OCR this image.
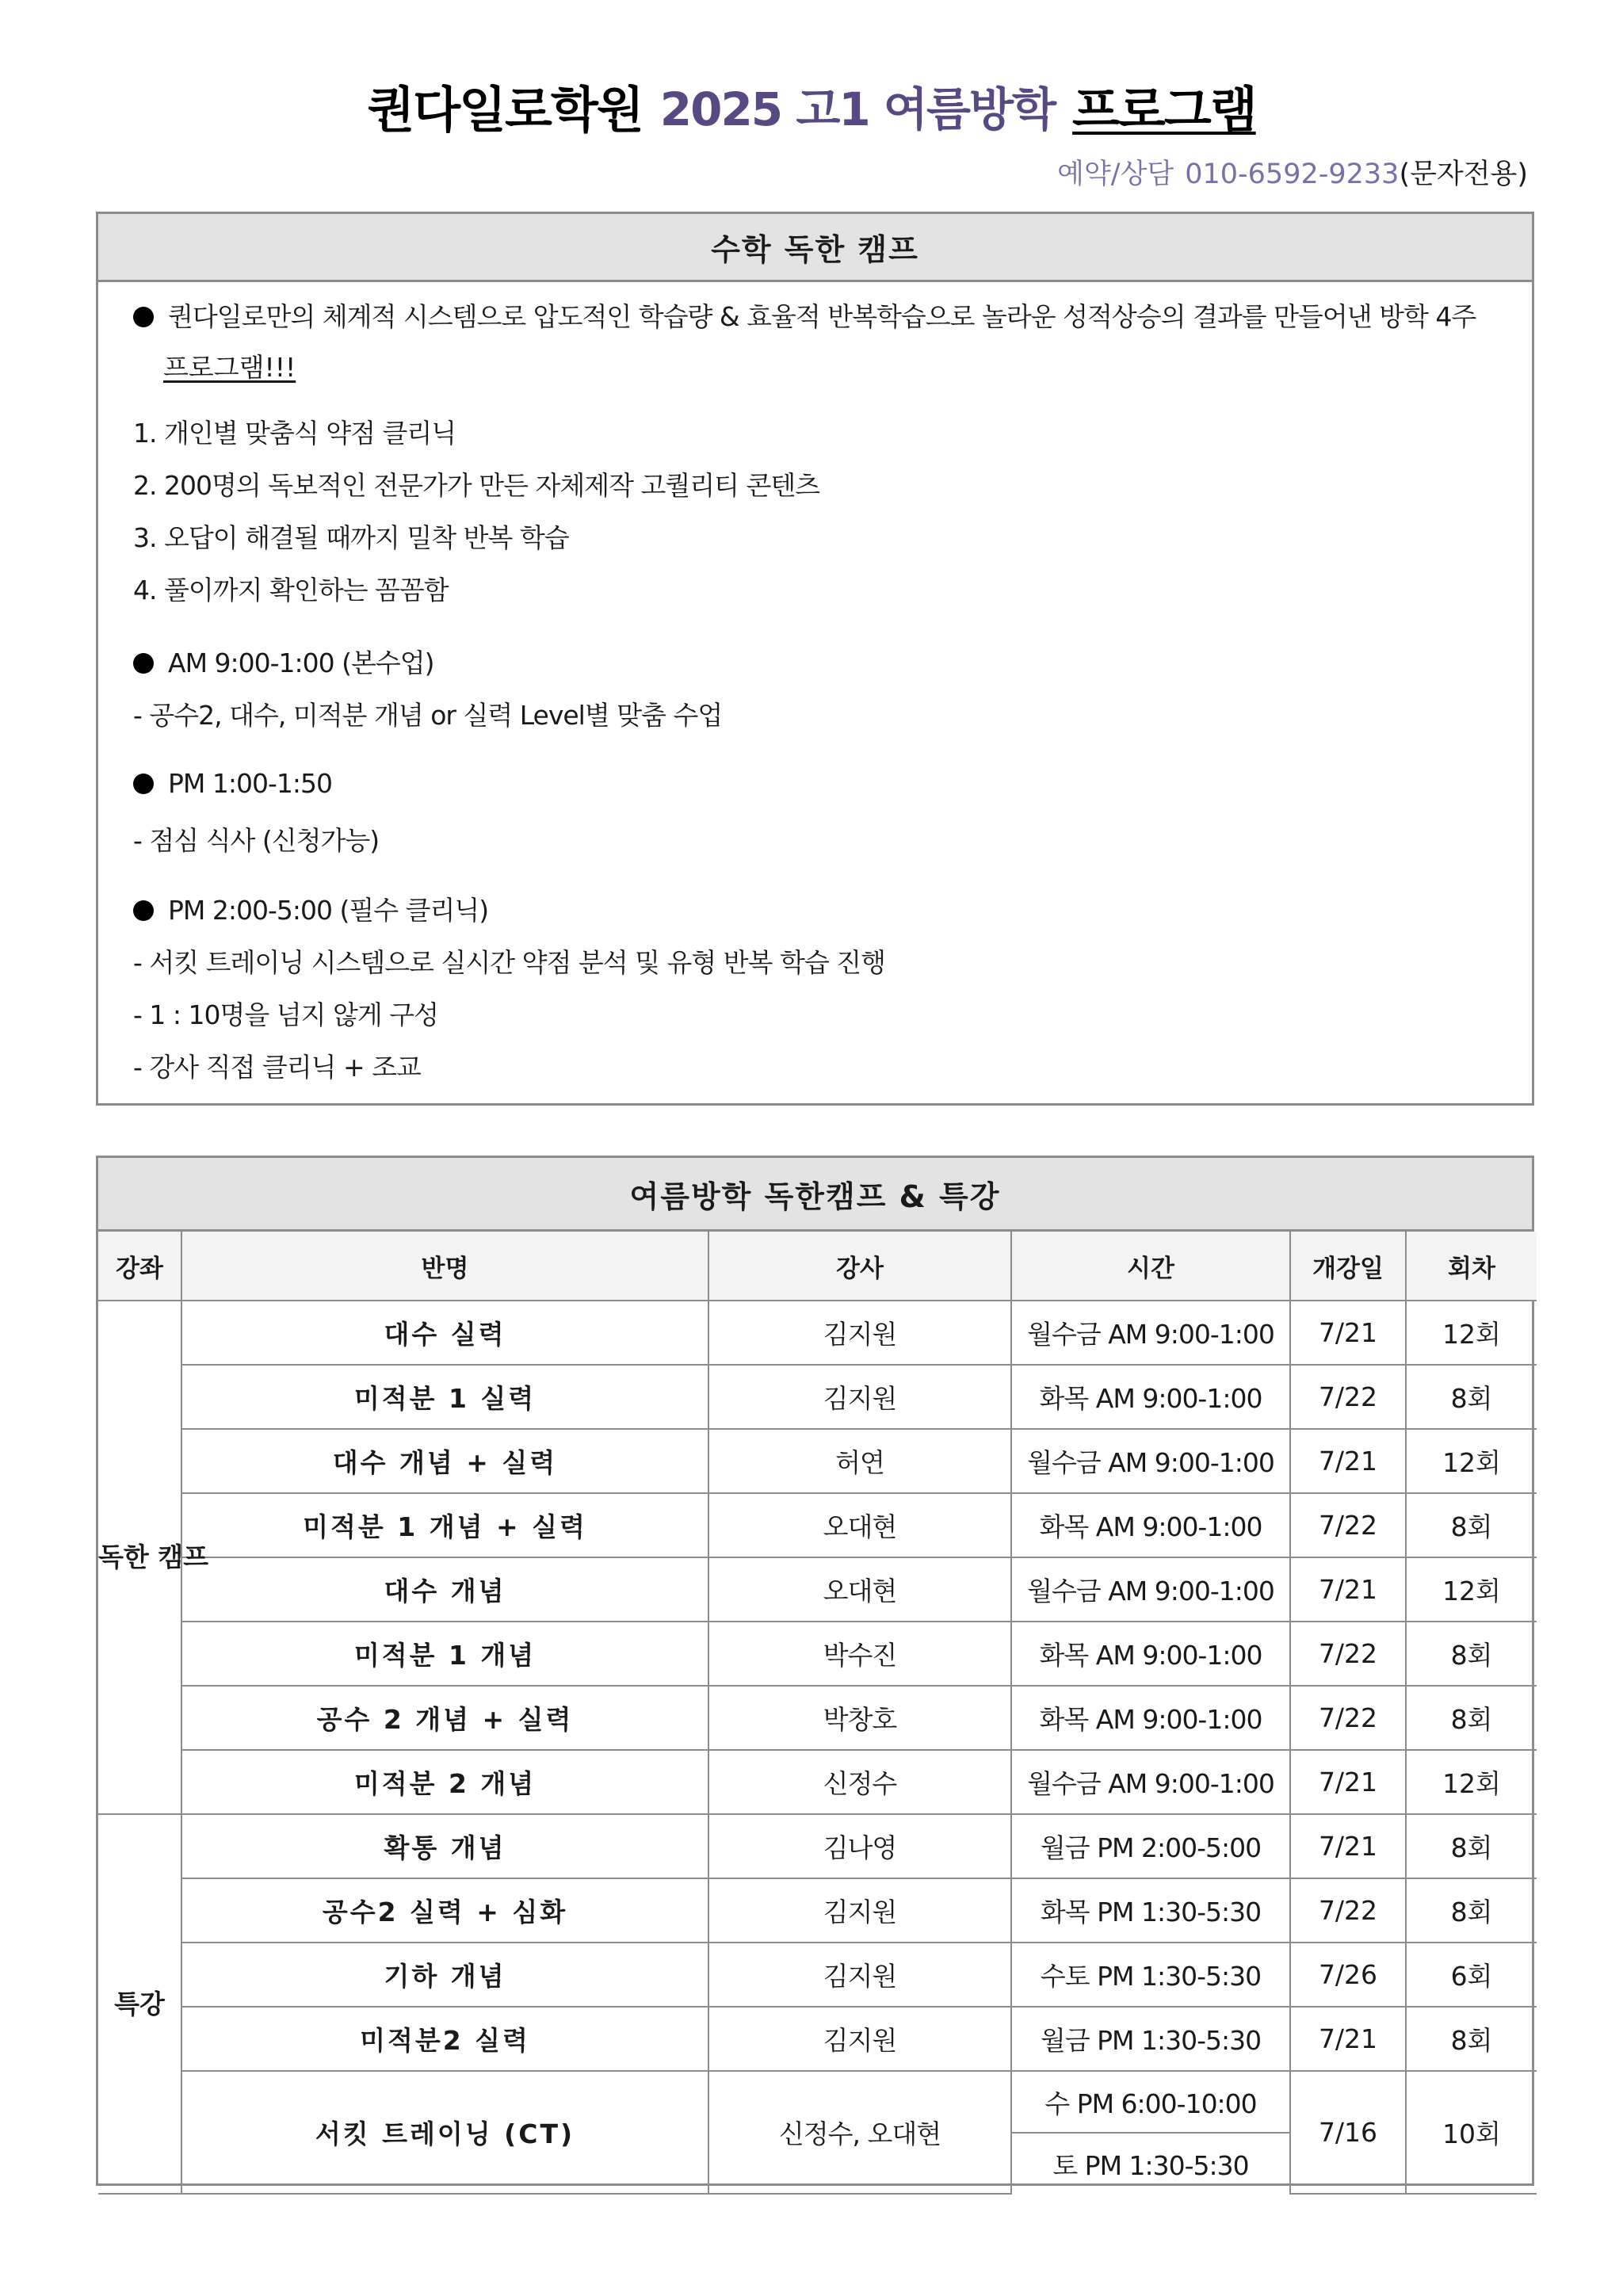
퀀다일로학원 2025 고1 여름방학 프로그램
예약/상담 010-6592-9233(문자전용)
수학 독한 캠프
퀀다일로만의 체계적 시스템으로 압도적인 학습량 & 효율적 반복학습으로 놀라운 성적상승의 결과를 만들어낸 방학 4주
프로그램!!!
1. 개인별 맞춤식 약점 클리닉
2. 200명의 독보적인 전문가가 만든 자체제작 고퀄리티 콘텐츠
3. 오답이 해결될 때까지 밀착 반복 학습
4. 풀이까지 확인하는 꼼꼼함
AM 9:00-1:00 (본수업)
- 공수2, 대수, 미적분 개념 or 실력 Level별 맞춤 수업
PM 1:00-1:50
- 점심 식사 (신청가능)
PM 2:00-5:00 (필수 클리닉)
- 서킷 트레이닝 시스템으로 실시간 약점 분석 및 유형 반복 학습 진행
- 1 : 10명을 넘지 않게 구성
- 강사 직접 클리닉 + 조교
여름방학 독한캠프 & 특강
강좌	반명	강사	시간	개강일	회차
독한 캠프	대수 실력	김지원	월수금 AM 9:00-1:00	7/21	12회
	미적분 1 실력	김지원	화목 AM 9:00-1:00	7/22	8회
	대수 개념 + 실력	허연	월수금 AM 9:00-1:00	7/21	12회
	미적분 1 개념 + 실력	오대현	화목 AM 9:00-1:00	7/22	8회
	대수 개념	오대현	월수금 AM 9:00-1:00	7/21	12회
	미적분 1 개념	박수진	화목 AM 9:00-1:00	7/22	8회
	공수 2 개념 + 실력	박창호	화목 AM 9:00-1:00	7/22	8회
	미적분 2 개념	신정수	월수금 AM 9:00-1:00	7/21	12회
특강	확통 개념	김나영	월금 PM 2:00-5:00	7/21	8회
	공수2 실력 + 심화	김지원	화목 PM 1:30-5:30	7/22	8회
	기하 개념	김지원	수토 PM 1:30-5:30	7/26	6회
	미적분2 실력	김지원	월금 PM 1:30-5:30	7/21	8회
	서킷 트레이닝 (CT)	신정수, 오대현	수 PM 6:00-10:00	7/16	10회
			토 PM 1:30-5:30		
